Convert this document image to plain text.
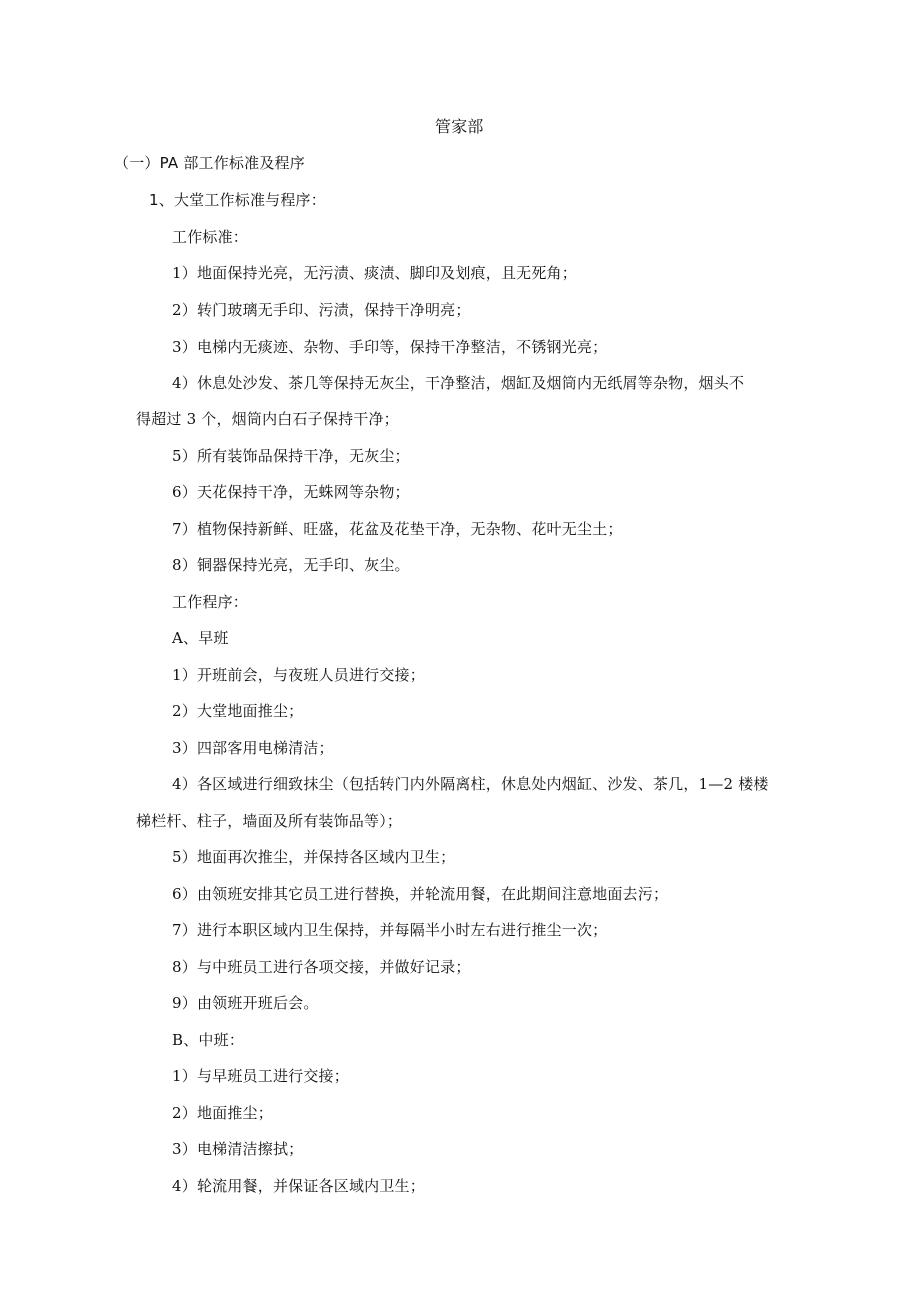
管家部
（一）PA 部工作标准及程序
1、大堂工作标准与程序：
工作标准：
1）地面保持光亮，无污渍、痰渍、脚印及划痕，且无死角；
2）转门玻璃无手印、污渍，保持干净明亮；
3）电梯内无痰迹、杂物、手印等，保持干净整洁，不锈钢光亮；
4）休息处沙发、茶几等保持无灰尘，干净整洁，烟缸及烟筒内无纸屑等杂物，烟头不
得超过 3 个，烟筒内白石子保持干净；
5）所有装饰品保持干净，无灰尘；
6）天花保持干净，无蛛网等杂物；
7）植物保持新鲜、旺盛，花盆及花垫干净，无杂物、花叶无尘土；
8）铜器保持光亮，无手印、灰尘。
工作程序：
A、早班
1）开班前会，与夜班人员进行交接；
2）大堂地面推尘；
3）四部客用电梯清洁；
4）各区域进行细致抹尘（包括转门内外隔离柱，休息处内烟缸、沙发、茶几，1—2 楼楼
梯栏杆、柱子，墙面及所有装饰品等）；
5）地面再次推尘，并保持各区域内卫生；
6）由领班安排其它员工进行替换，并轮流用餐，在此期间注意地面去污；
7）进行本职区域内卫生保持，并每隔半小时左右进行推尘一次；
8）与中班员工进行各项交接，并做好记录；
9）由领班开班后会。
B、中班：
1）与早班员工进行交接；
2）地面推尘；
3）电梯清洁擦拭；
4）轮流用餐，并保证各区域内卫生；
